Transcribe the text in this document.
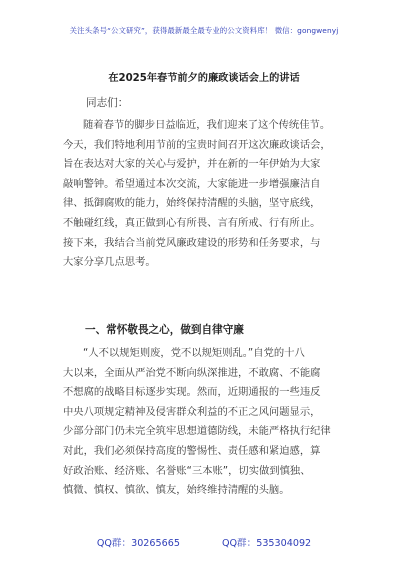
关注头条号“公文研究”，获得最新最全最专业的公文资料库！ 微信：gongwenyj
在2025年春节前夕的廉政谈话会上的讲话
同志们：
随着春节的脚步日益临近，我们迎来了这个传统佳节。
今天，我们特地利用节前的宝贵时间召开这次廉政谈话会，
旨在表达对大家的关心与爱护，并在新的一年伊始为大家
敲响警钟。希望通过本次交流，大家能进一步增强廉洁自
律、抵御腐败的能力，始终保持清醒的头脑，坚守底线，
不触碰红线，真正做到心有所畏、言有所戒、行有所止。
接下来，我结合当前党风廉政建设的形势和任务要求，与
大家分享几点思考。
一、常怀敬畏之心，做到自律守廉
“人不以规矩则废，党不以规矩则乱。”自党的十八
大以来，全面从严治党不断向纵深推进，不敢腐、不能腐
不想腐的战略目标逐步实现。然而，近期通报的一些违反
中央八项规定精神及侵害群众利益的不正之风问题显示，
少部分部门仍未完全筑牢思想道德防线，未能严格执行纪律
对此，我们必须保持高度的警惕性、责任感和紧迫感，算
好政治账、经济账、名誉账“三本账”，切实做到慎独、
慎微、慎权、慎欲、慎友，始终维持清醒的头脑。
QQ群：30265665	QQ群：535304092
